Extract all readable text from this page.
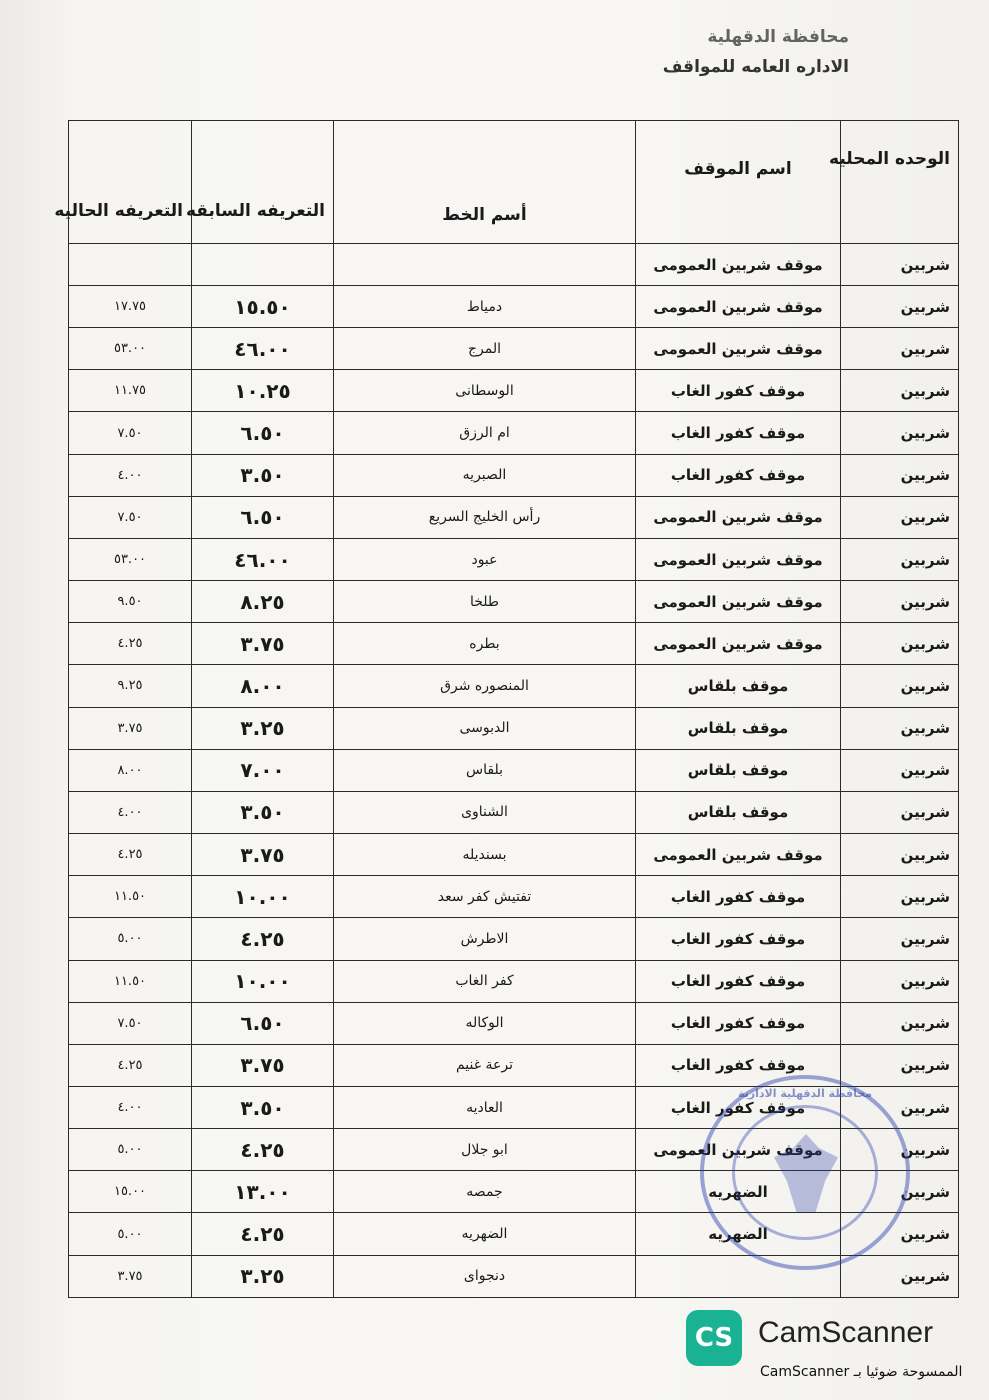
محافظة الدقهلية
الاداره العامه للمواقف
الوحده المحليه	اسم الموقف	أسم الخط	التعريفه السابقه	التعريفه الحاليه
شربين	موقف شربين العمومى			
شربين	موقف شربين العمومى	دمياط	١٥.٥٠	١٧.٧٥
شربين	موقف شربين العمومى	المرج	٤٦.٠٠	٥٣.٠٠
شربين	موقف كفور الغاب	الوسطانى	١٠.٢٥	١١.٧٥
شربين	موقف كفور الغاب	ام الرزق	٦.٥٠	٧.٥٠
شربين	موقف كفور الغاب	الصبريه	٣.٥٠	٤.٠٠
شربين	موقف شربين العمومى	رأس الخليج السريع	٦.٥٠	٧.٥٠
شربين	موقف شربين العمومى	عبود	٤٦.٠٠	٥٣.٠٠
شربين	موقف شربين العمومى	طلخا	٨.٢٥	٩.٥٠
شربين	موقف شربين العمومى	بطره	٣.٧٥	٤.٢٥
شربين	موقف بلقاس	المنصوره شرق	٨.٠٠	٩.٢٥
شربين	موقف بلقاس	الدبوسى	٣.٢٥	٣.٧٥
شربين	موقف بلقاس	بلقاس	٧.٠٠	٨.٠٠
شربين	موقف بلقاس	الشناوى	٣.٥٠	٤.٠٠
شربين	موقف شربين العمومى	بسنديله	٣.٧٥	٤.٢٥
شربين	موقف كفور الغاب	تفتيش كفر سعد	١٠.٠٠	١١.٥٠
شربين	موقف كفور الغاب	الاطرش	٤.٢٥	٥.٠٠
شربين	موقف كفور الغاب	كفر الغاب	١٠.٠٠	١١.٥٠
شربين	موقف كفور الغاب	الوكاله	٦.٥٠	٧.٥٠
شربين	موقف كفور الغاب	ترعة غنيم	٣.٧٥	٤.٢٥
شربين	موقف كفور الغاب	العاديه	٣.٥٠	٤.٠٠
شربين	موقف شربين العمومى	ابو جلال	٤.٢٥	٥.٠٠
شربين	الضهريه	جمصه	١٣.٠٠	١٥.٠٠
شربين	الضهريه	الضهريه	٤.٢٥	٥.٠٠
شربين		دنجواى	٣.٢٥	٣.٧٥
محافظة الدقهلية الادارية
CS CamScanner
الممسوحة ضوئيا بـ CamScanner
